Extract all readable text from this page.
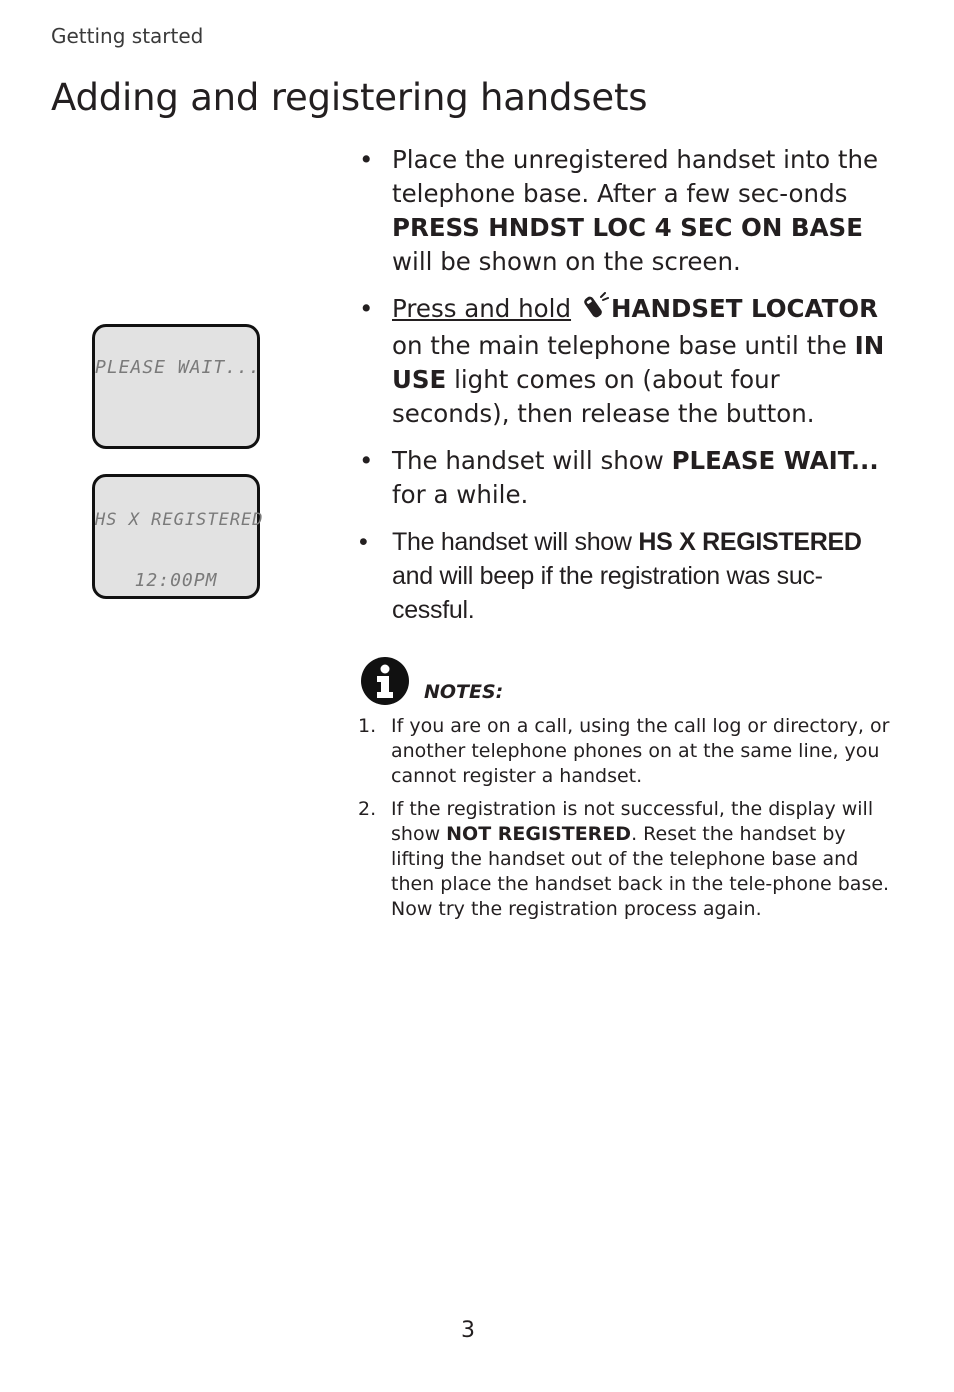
Getting started
Adding and registering handsets
PLEASE WAIT...
HS X REGISTERED
12:00PM
• Place the unregistered handset into the telephone base. After a few sec-onds PRESS HNDST LOC 4 SEC ON BASE will be shown on the screen.
• Press and hold HANDSET LOCATOR on the main telephone base until the IN USE light comes on (about four seconds), then release the button.
• The handset will show PLEASE WAIT... for a while.
• The handset will show HS X REGISTERED and will beep if the registration was suc-cessful.
NOTES:
1. If you are on a call, using the call log or directory, or another telephone phones on at the same line, you cannot register a handset.
2. If the registration is not successful, the display will show NOT REGISTERED. Reset the handset by lifting the handset out of the telephone base and then place the handset back in the tele-phone base. Now try the registration process again.
3
